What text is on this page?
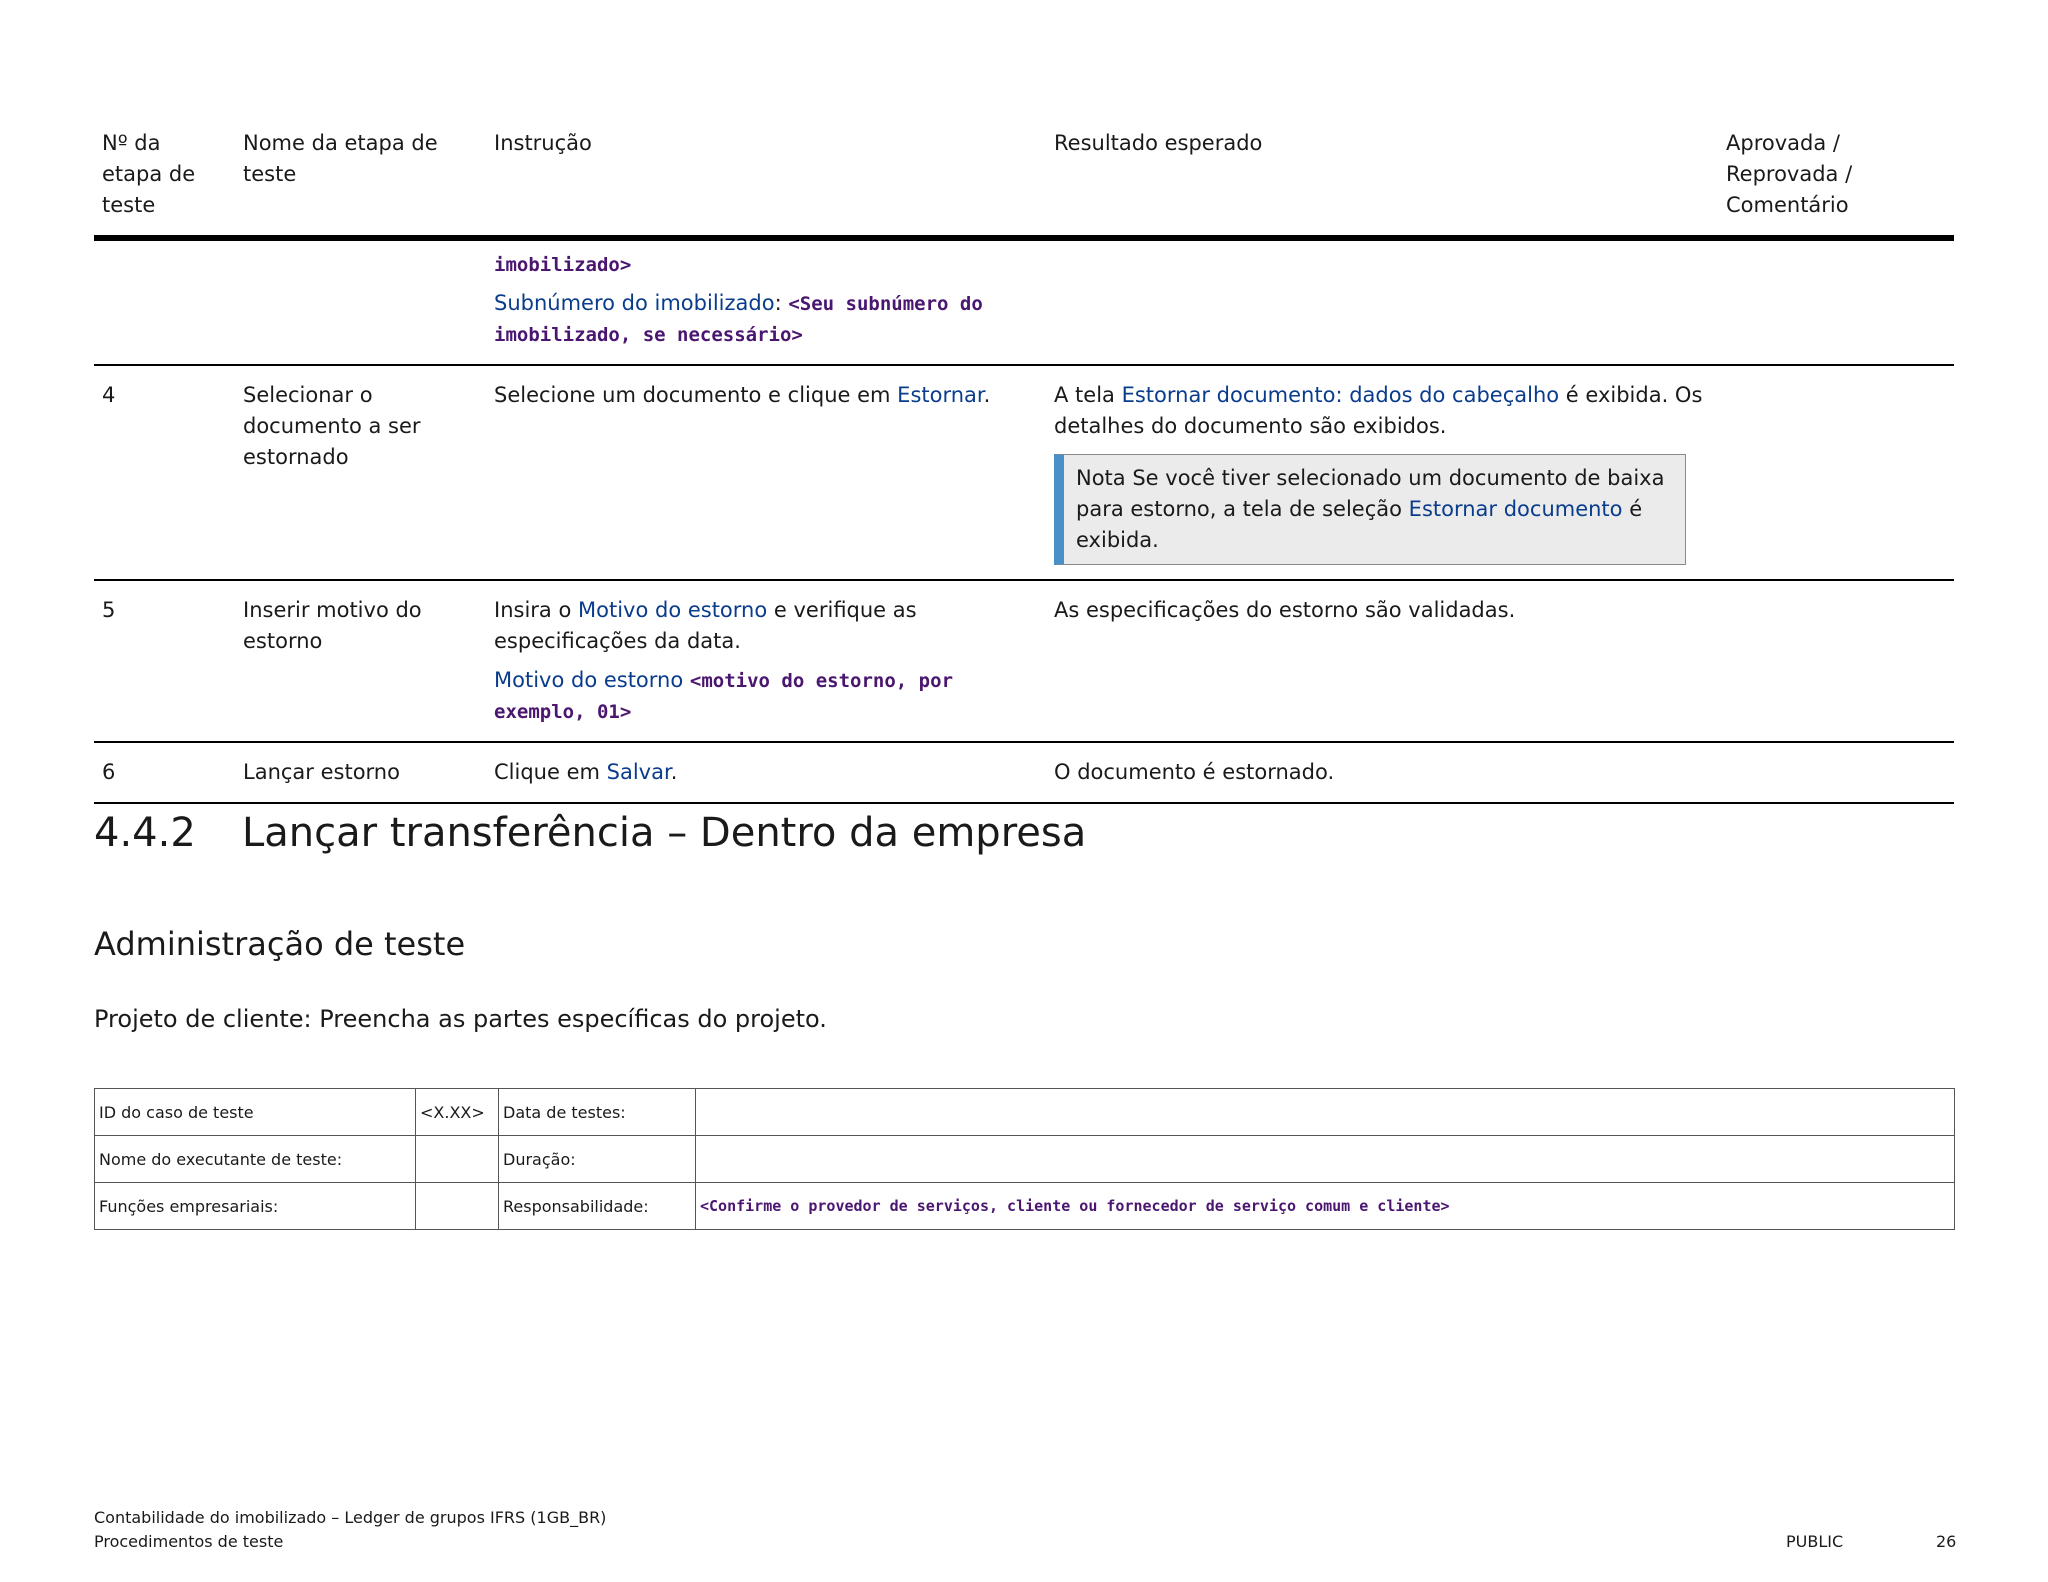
Nº da etapa de teste	Nome da etapa de teste	Instrução	Resultado esperado	Aprovada / Reprovada / Comentário

		imobilizado>
Subnúmero do imobilizado: <Seu subnúmero do imobilizado, se necessário>		

4	Selecionar o documento a ser estornado	Selecione um documento e clique em Estornar.	A tela Estornar documento: dados do cabeçalho é exibida. Os detalhes do documento são exibidos.
Nota Se você tiver selecionado um documento de baixa para estorno, a tela de seleção Estornar documento é exibida.	

5	Inserir motivo do estorno	Insira o Motivo do estorno e verifique as especificações da data.
Motivo do estorno <motivo do estorno, por exemplo, 01>	As especificações do estorno são validadas.	
6	Lançar estorno	Clique em Salvar.	O documento é estornado.	
4.4.2 Lançar transferência – Dentro da empresa
Administração de teste

Projeto de cliente: Preencha as partes específicas do projeto.

ID do caso de teste	<X.XX>	Data de testes:	
Nome do executante de teste:		Duração:	
Funções empresariais:		Responsabilidade:	<Confirme o provedor de serviços, cliente ou fornecedor de serviço comum e cliente>
Contabilidade do imobilizado – Ledger de grupos IFRS (1GB_BR)
Procedimentos de teste	PUBLIC	26
